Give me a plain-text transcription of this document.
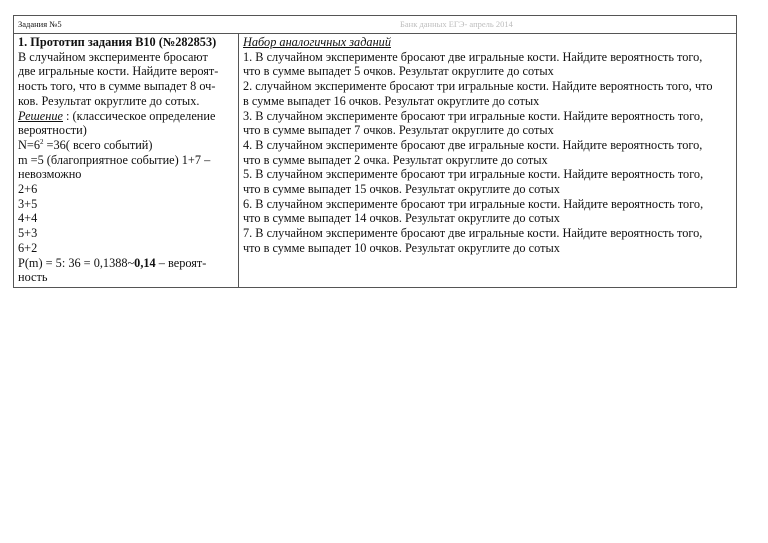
Задания №5	Банк данных ЕГЭ- апрель 2014
1. Прототип задания B10 (№282853)
В случайном эксперименте бросают
две игральные кости. Найдите вероят-
ность того, что в сумме выпадет 8 оч-
ков. Результат округлите до сотых.
Решение : (классическое определение
вероятности)
$N=6^2 =36$( всего событий)
m =5 (благоприятное событие) 1+7 –
невозможно
2+6
3+5
4+4
5+3
6+2
P(m) = 5: 36 = 0,1388~0,14 – вероят-
ность
Набор аналогичных заданий
1. В случайном эксперименте бросают две игральные кости. Найдите вероятность того,
что в сумме выпадет 5 очков. Результат округлите до сотых
2. случайном эксперименте бросают три игральные кости. Найдите вероятность того, что
в сумме выпадет 16 очков. Результат округлите до сотых
3. В случайном эксперименте бросают три игральные кости. Найдите вероятность того,
что в сумме выпадет 7 очков. Результат округлите до сотых
4. В случайном эксперименте бросают две игральные кости. Найдите вероятность того,
что в сумме выпадет 2 очка. Результат округлите до сотых
5. В случайном эксперименте бросают три игральные кости. Найдите вероятность того,
что в сумме выпадет 15 очков. Результат округлите до сотых
6. В случайном эксперименте бросают три игральные кости. Найдите вероятность того,
что в сумме выпадет 14 очков. Результат округлите до сотых
7. В случайном эксперименте бросают две игральные кости. Найдите вероятность того,
что в сумме выпадет 10 очков. Результат округлите до сотых
